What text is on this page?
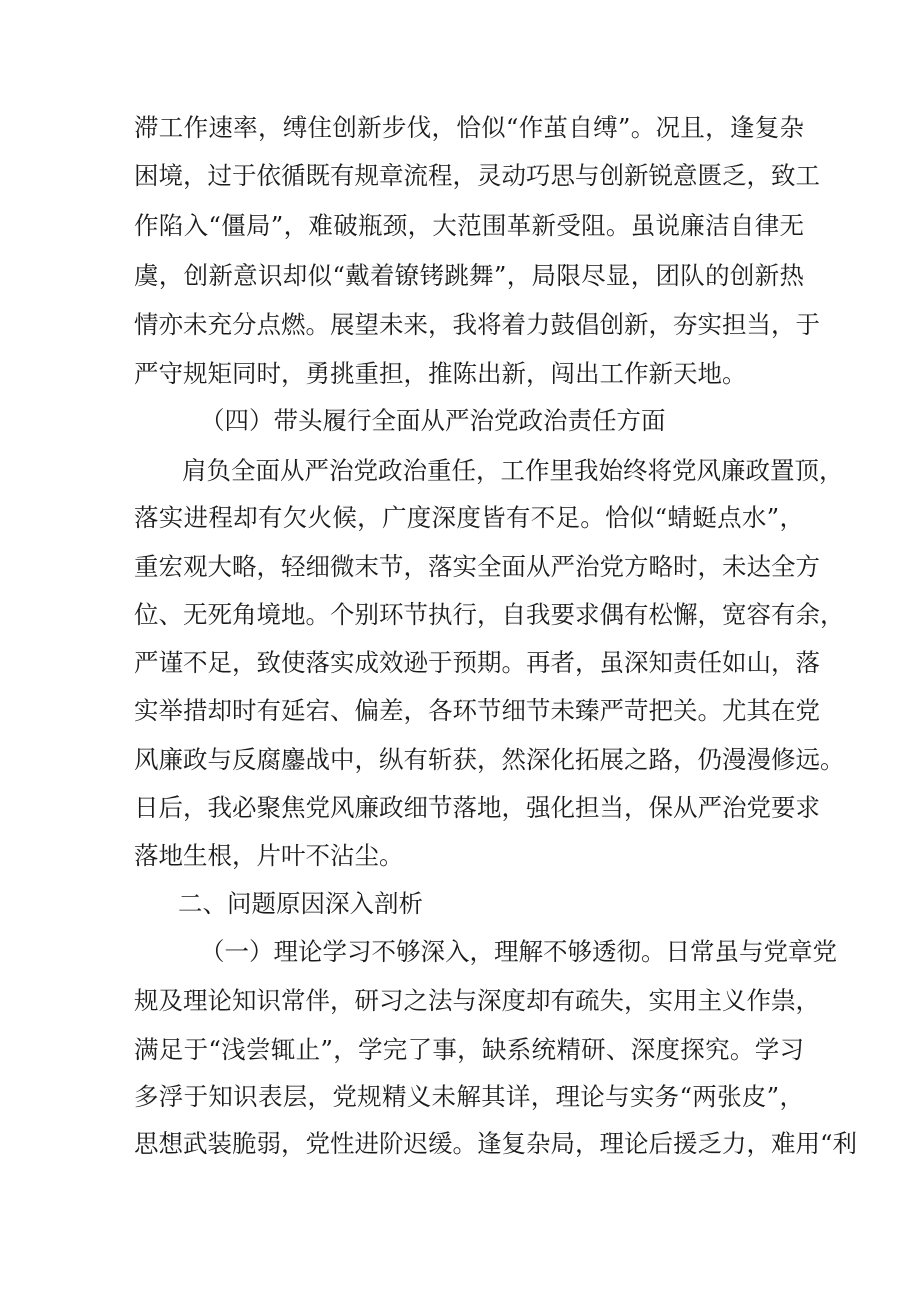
滞工作速率，缚住创新步伐，恰似“作茧自缚”。况且，逢复杂
困境，过于依循既有规章流程，灵动巧思与创新锐意匮乏，致工
作陷入“僵局”，难破瓶颈，大范围革新受阻。虽说廉洁自律无
虞，创新意识却似“戴着镣铐跳舞”，局限尽显，团队的创新热
情亦未充分点燃。展望未来，我将着力鼓倡创新，夯实担当，于
严守规矩同时，勇挑重担，推陈出新，闯出工作新天地。
（四）带头履行全面从严治党政治责任方面
肩负全面从严治党政治重任，工作里我始终将党风廉政置顶，
落实进程却有欠火候，广度深度皆有不足。恰似“蜻蜓点水”，
重宏观大略，轻细微末节，落实全面从严治党方略时，未达全方
位、无死角境地。个别环节执行，自我要求偶有松懈，宽容有余，
严谨不足，致使落实成效逊于预期。再者，虽深知责任如山，落
实举措却时有延宕、偏差，各环节细节未臻严苛把关。尤其在党
风廉政与反腐鏖战中，纵有斩获，然深化拓展之路，仍漫漫修远。
日后，我必聚焦党风廉政细节落地，强化担当，保从严治党要求
落地生根，片叶不沾尘。
二、问题原因深入剖析
（一）理论学习不够深入，理解不够透彻。日常虽与党章党
规及理论知识常伴，研习之法与深度却有疏失，实用主义作祟，
满足于“浅尝辄止”，学完了事，缺系统精研、深度探究。学习
多浮于知识表层，党规精义未解其详，理论与实务“两张皮”，
思想武装脆弱，党性进阶迟缓。逢复杂局，理论后援乏力，难用“利
